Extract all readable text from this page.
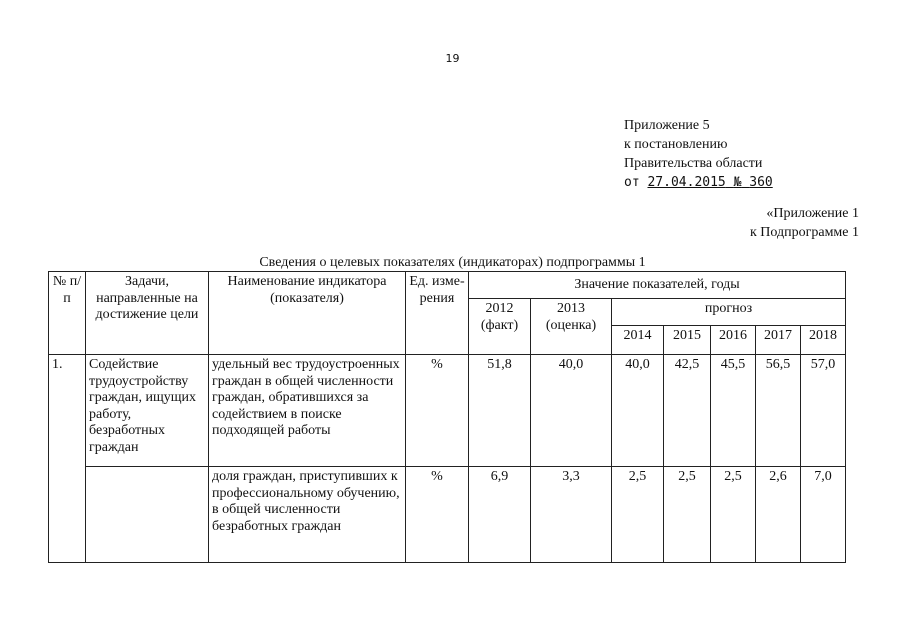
19
Приложение 5
к постановлению
Правительства области
от 27.04.2015 № 360
«Приложение 1
к Подпрограмме 1
Сведения о целевых показателях (индикаторах) подпрограммы 1
№ п/п	Задачи, направленные на достижение цели	Наименование индикатора (показателя)	Ед. изме- рения	Значение показателей, годы						
				2012 (факт)	2013 (оценка)	прогноз				
						2014	2015	2016	2017	2018
1.	Содействие трудоустройству граждан, ищущих работу, безработных граждан	удельный вес трудоустроенных граждан в общей численности граждан, обратившихся за содействием в поиске подходящей работы	%	51,8	40,0	40,0	42,5	45,5	56,5	57,0
		доля граждан, приступивших к профессиональному обучению, в общей численности безработных граждан	%	6,9	3,3	2,5	2,5	2,5	2,6	7,0
